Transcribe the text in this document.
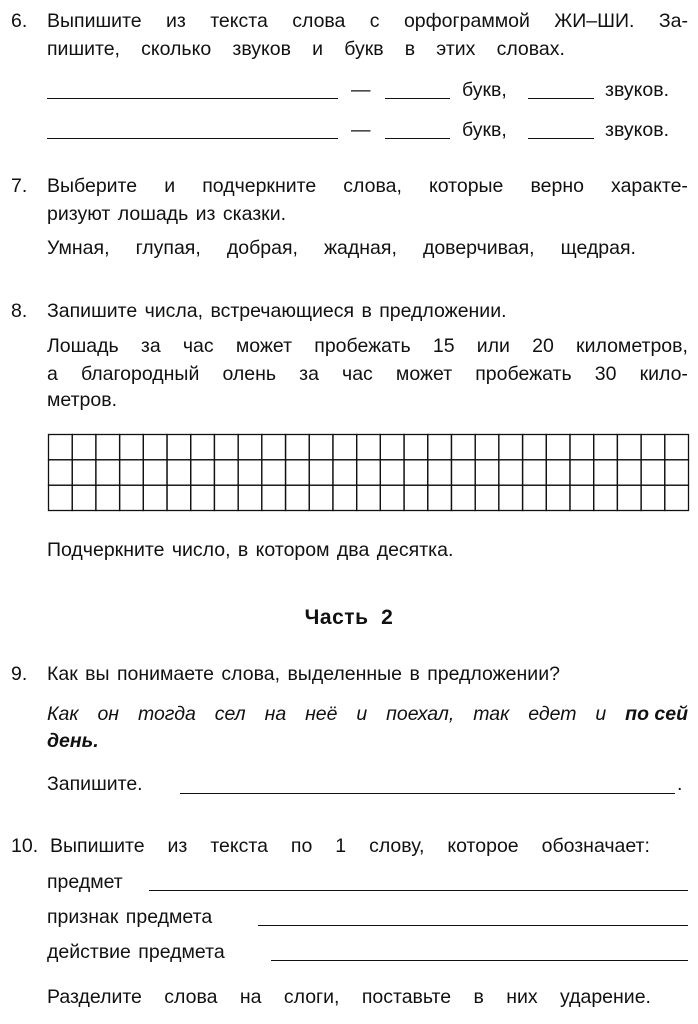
6. Выпишите из текста слова с орфограммой ЖИ–ШИ. За-
пишите, сколько звуков и букв в этих словах.
—	букв,	звуков.
—	букв,	звуков.
7. Выберите и подчеркните слова, которые верно характе-
ризуют лошадь из сказки.
Умная, глупая, добрая, жадная, доверчивая, щедрая.
8. Запишите числа, встречающиеся в предложении.
Лошадь за час может пробежать 15 или 20 километров,
а благородный олень за час может пробежать 30 кило-
метров.
Подчеркните число, в котором два десятка.
Часть  2
9. Как вы понимаете слова, выделенные в предложении?
Как он тогда сел на неё и поехал, так едет и по сей
день.
Запишите.	.
10. Выпишите из текста по 1 слову, которое обозначает:
предмет
признак предмета
действие предмета
Разделите слова на слоги, поставьте в них ударение.
